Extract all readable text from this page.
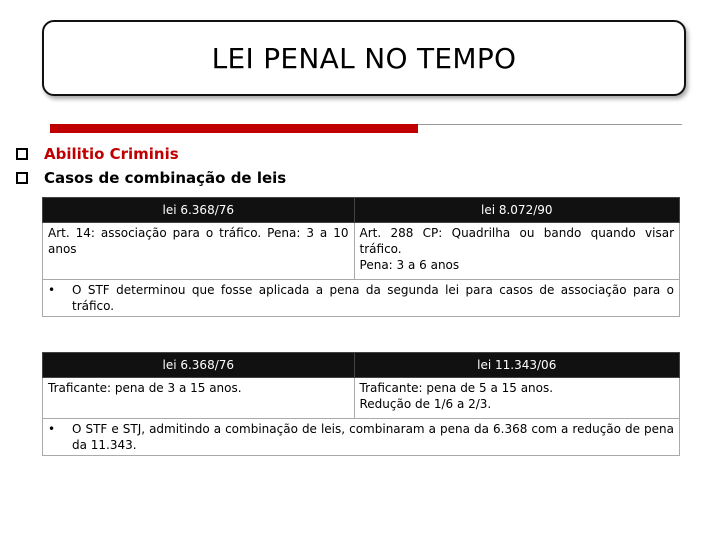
LEI PENAL NO TEMPO
Abilitio Criminis
Casos de combinação de leis
lei 6.368/76	lei 8.072/90
Art. 14: associação para o tráfico. Pena: 3 a 10 anos	Art. 288 CP: Quadrilha ou bando quando visar tráfico.
Pena: 3 a 6 anos

• O STF determinou que fosse aplicada a pena da segunda lei para casos de associação para o tráfico.	
lei 6.368/76	lei 11.343/06
Traficante: pena de 3 a 15 anos.	Traficante: pena de 5 a 15 anos.
Redução de 1/6 a 2/3.

• O STF e STJ, admitindo a combinação de leis, combinaram a pena da 6.368 com a redução de pena da 11.343.	
